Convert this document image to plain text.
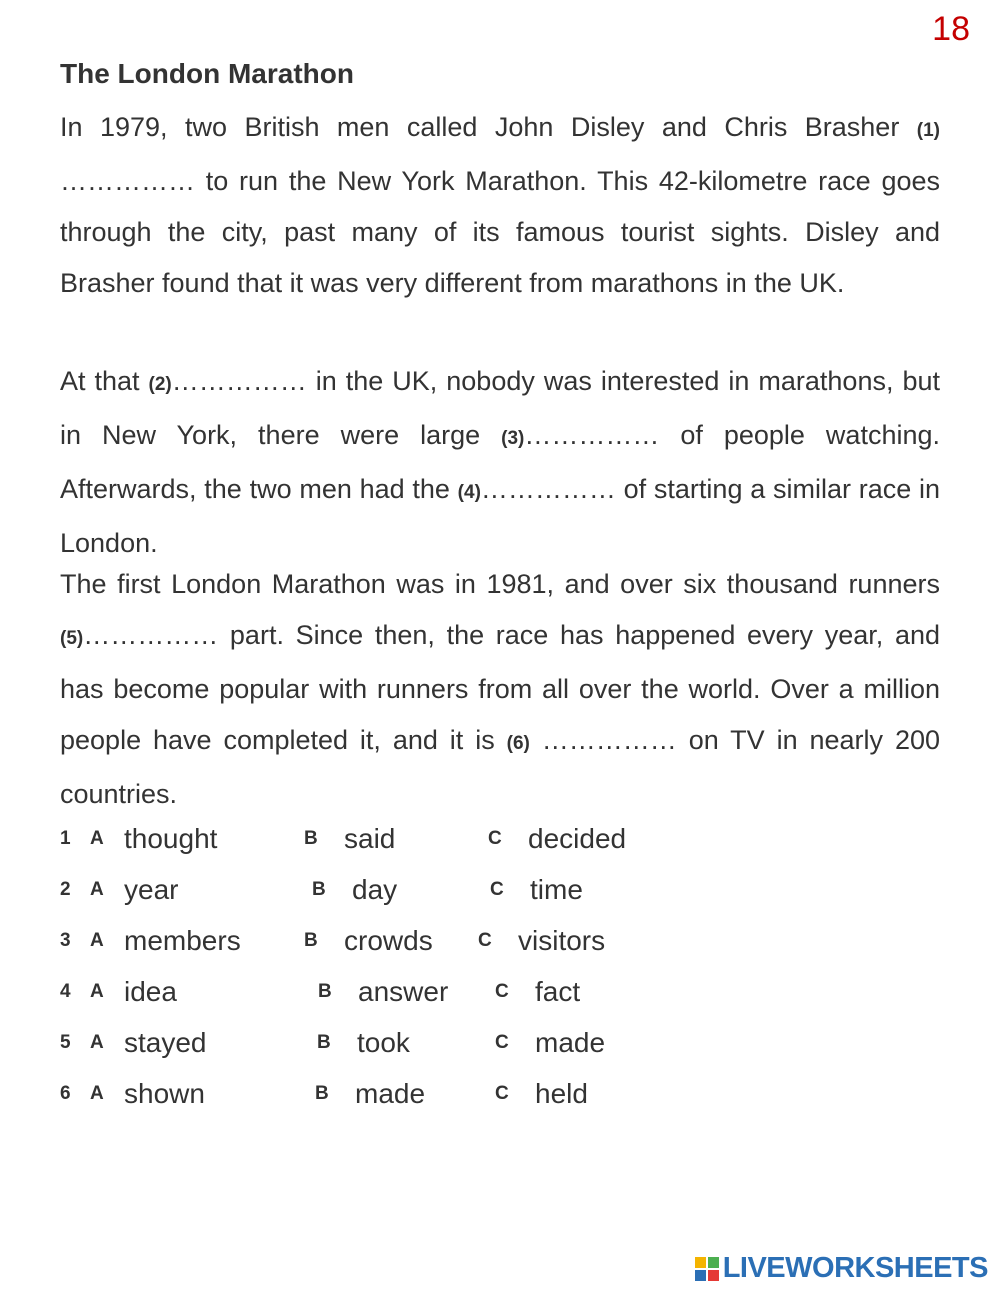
18
The London Marathon

In 1979, two British men called John Disley and Chris Brasher (1) …………… to run the New York Marathon. This 42-kilometre race goes through the city, past many of its famous tourist sights. Disley and Brasher found that it was very different from marathons in the UK.

At that (2)…………… in the UK, nobody was interested in marathons, but in New York, there were large (3)…………… of people watching. Afterwards, the two men had the (4)…………… of starting a similar race in London.

The first London Marathon was in 1981, and over six thousand runners (5)…………… part. Since then, the race has happened every year, and has become popular with runners from all over the world. Over a million people have completed it, and it is (6) …………… on TV in nearly 200 countries.

1 A thought	B said	C decided
2 A year	B day	C time
3 A members	B crowds C visitors
4 A idea	B answer C fact
5 A stayed	B took	C made
6 A shown	B made	C held
LIVEWORKSHEETS
